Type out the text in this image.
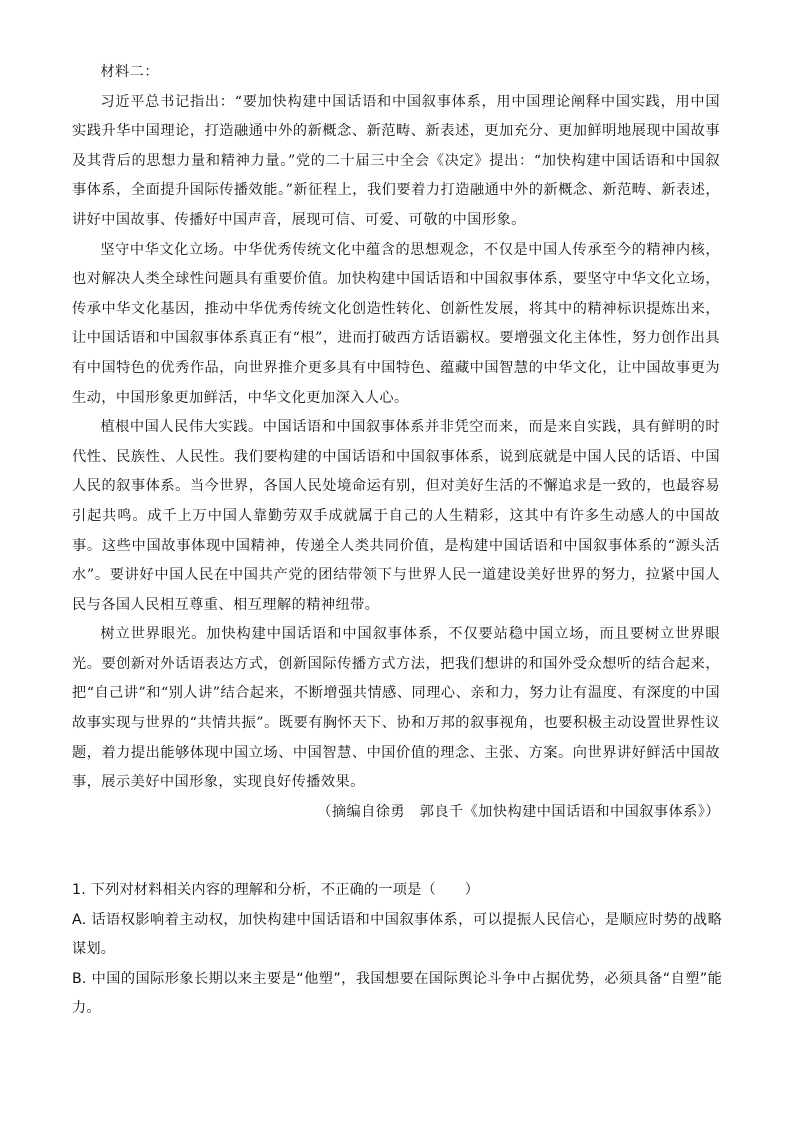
材料二：

习近平总书记指出：“要加快构建中国话语和中国叙事体系，用中国理论阐释中国实践，用中国实践升华中国理论，打造融通中外的新概念、新范畴、新表述，更加充分、更加鲜明地展现中国故事及其背后的思想力量和精神力量。”党的二十届三中全会《决定》提出：“加快构建中国话语和中国叙事体系，全面提升国际传播效能。”新征程上，我们要着力打造融通中外的新概念、新范畴、新表述，讲好中国故事、传播好中国声音，展现可信、可爱、可敬的中国形象。

坚守中华文化立场。中华优秀传统文化中蕴含的思想观念，不仅是中国人传承至今的精神内核，也对解决人类全球性问题具有重要价值。加快构建中国话语和中国叙事体系，要坚守中华文化立场，传承中华文化基因，推动中华优秀传统文化创造性转化、创新性发展，将其中的精神标识提炼出来，让中国话语和中国叙事体系真正有“根”，进而打破西方话语霸权。要增强文化主体性，努力创作出具有中国特色的优秀作品，向世界推介更多具有中国特色、蕴藏中国智慧的中华文化，让中国故事更为生动，中国形象更加鲜活，中华文化更加深入人心。

植根中国人民伟大实践。中国话语和中国叙事体系并非凭空而来，而是来自实践，具有鲜明的时代性、民族性、人民性。我们要构建的中国话语和中国叙事体系，说到底就是中国人民的话语、中国人民的叙事体系。当今世界，各国人民处境命运有别，但对美好生活的不懈追求是一致的，也最容易引起共鸣。成千上万中国人靠勤劳双手成就属于自己的人生精彩，这其中有许多生动感人的中国故事。这些中国故事体现中国精神，传递全人类共同价值，是构建中国话语和中国叙事体系的“源头活水”。要讲好中国人民在中国共产党的团结带领下与世界人民一道建设美好世界的努力，拉紧中国人民与各国人民相互尊重、相互理解的精神纽带。

树立世界眼光。加快构建中国话语和中国叙事体系，不仅要站稳中国立场，而且要树立世界眼光。要创新对外话语表达方式，创新国际传播方式方法，把我们想讲的和国外受众想听的结合起来，把“自己讲”和“别人讲”结合起来，不断增强共情感、同理心、亲和力，努力让有温度、有深度的中国故事实现与世界的“共情共振”。既要有胸怀天下、协和万邦的叙事视角，也要积极主动设置世界性议题，着力提出能够体现中国立场、中国智慧、中国价值的理念、主张、方案。向世界讲好鲜活中国故事，展示美好中国形象，实现良好传播效果。

（摘编自徐勇　郭良千《加快构建中国话语和中国叙事体系》）

1. 下列对材料相关内容的理解和分析，不正确的一项是（　　）

A. 话语权影响着主动权，加快构建中国话语和中国叙事体系，可以提振人民信心，是顺应时势的战略谋划。

B. 中国的国际形象长期以来主要是“他塑”，我国想要在国际舆论斗争中占据优势，必须具备“自塑”能力。
